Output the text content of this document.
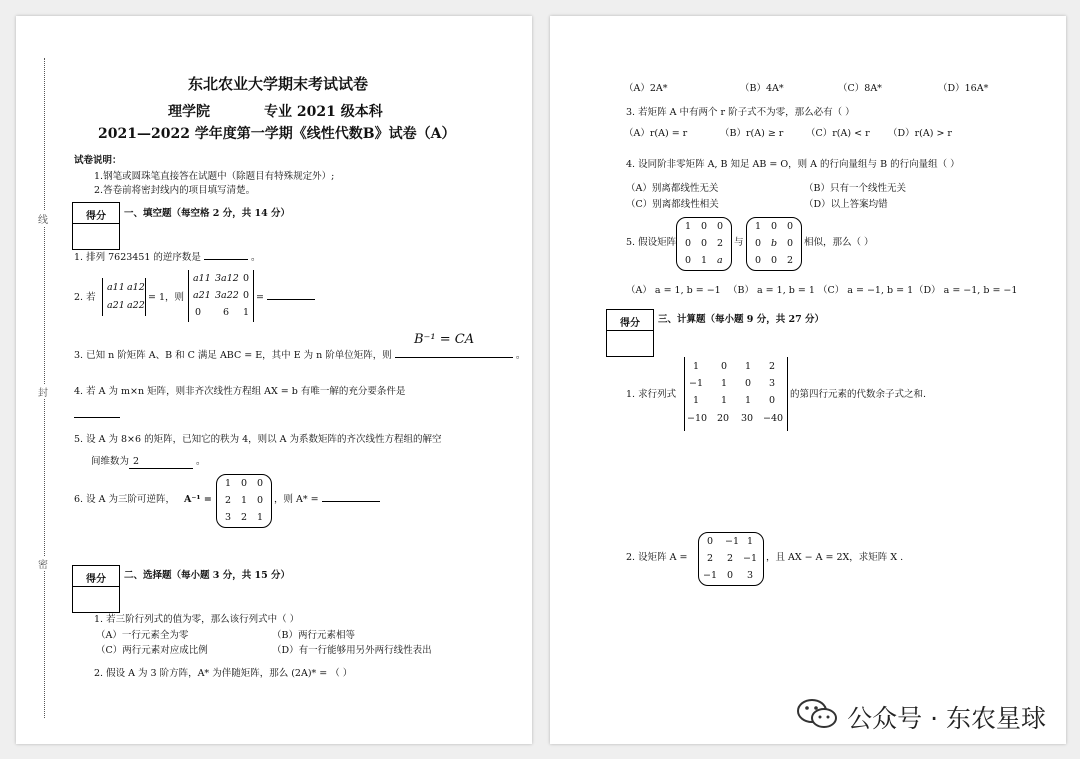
线
封
密
东北农业大学期末考试试卷
理学院	专业 2021 级本科
2021—2022 学年度第一学期《线性代数B》试卷（A）
试卷说明：
1.钢笔或圆珠笔直接答在试题中（除题目有特殊规定外）;
2.答卷前将密封线内的项目填写清楚。
得分	一、填空题（每空格 2 分，共 14 分）
1. 排列 7623451 的逆序数是	。
2. 若
a11 a12
a21 a22
= 1，则
a11 3a12 0
a21 3a22 0
0 6 1
=
B⁻¹ = CA
3. 已知 n 阶矩阵 A、B 和 C 满足 ABC = E，其中 E 为 n 阶单位矩阵，则	。
4. 若 A 为 m×n 矩阵，则非齐次线性方程组 AX = b 有唯一解的充分要条件是
5. 设 A 为 8×6 的矩阵，已知它的秩为 4，则以 A 为系数矩阵的齐次线性方程组的解空
间维数为 2	。
6. 设 A 为三阶可逆阵， A⁻¹ =
1 0 0
2 1 0
3 2 1
，则 A* =
得分	二、选择题（每小题 3 分，共 15 分）
1. 若三阶行列式的值为零，那么该行列式中（ ）
（A）一行元素全为零	（B）两行元素相等
（C）两行元素对应成比例	（D）有一行能够用另外两行线性表出
2. 假设 A 为 3 阶方阵，A* 为伴随矩阵，那么 (2A)* = （ ）
（A）2A*	（B）4A*	（C）8A*	（D）16A*
3. 若矩阵 A 中有两个 r 阶子式不为零，那么必有（ ）
（A）r(A) = r	（B）r(A) ≥ r （C）r(A) < r （D）r(A) > r
4. 设同阶非零矩阵 A, B 知足 AB = O，则 A 的行向量组与 B 的行向量组（ ）
（A）别离都线性无关	（B）只有一个线性无关
（C）别离都线性相关	（D）以上答案均错
5. 假设矩阵
1 0 0
0 0 2
0 1 a
与
1 0 0
0 b 0
0 0 2
相似，那么（ ）
（A） a = 1, b = −1 （B） a = 1, b = 1 （C） a = −1, b = 1 （D） a = −1, b = −1
得分	三、计算题（每小题 9 分，共 27 分）
1. 求行列式
1 0 1 2
−1 1 0 3
1 1 1 0
−10 20 30 −40
的第四行元素的代数余子式之和.
2. 设矩阵 A =
0 −1 1
2 2 −1
−1 0 3
，且 AX − A = 2X，求矩阵 X .
公众号 · 东农星球
